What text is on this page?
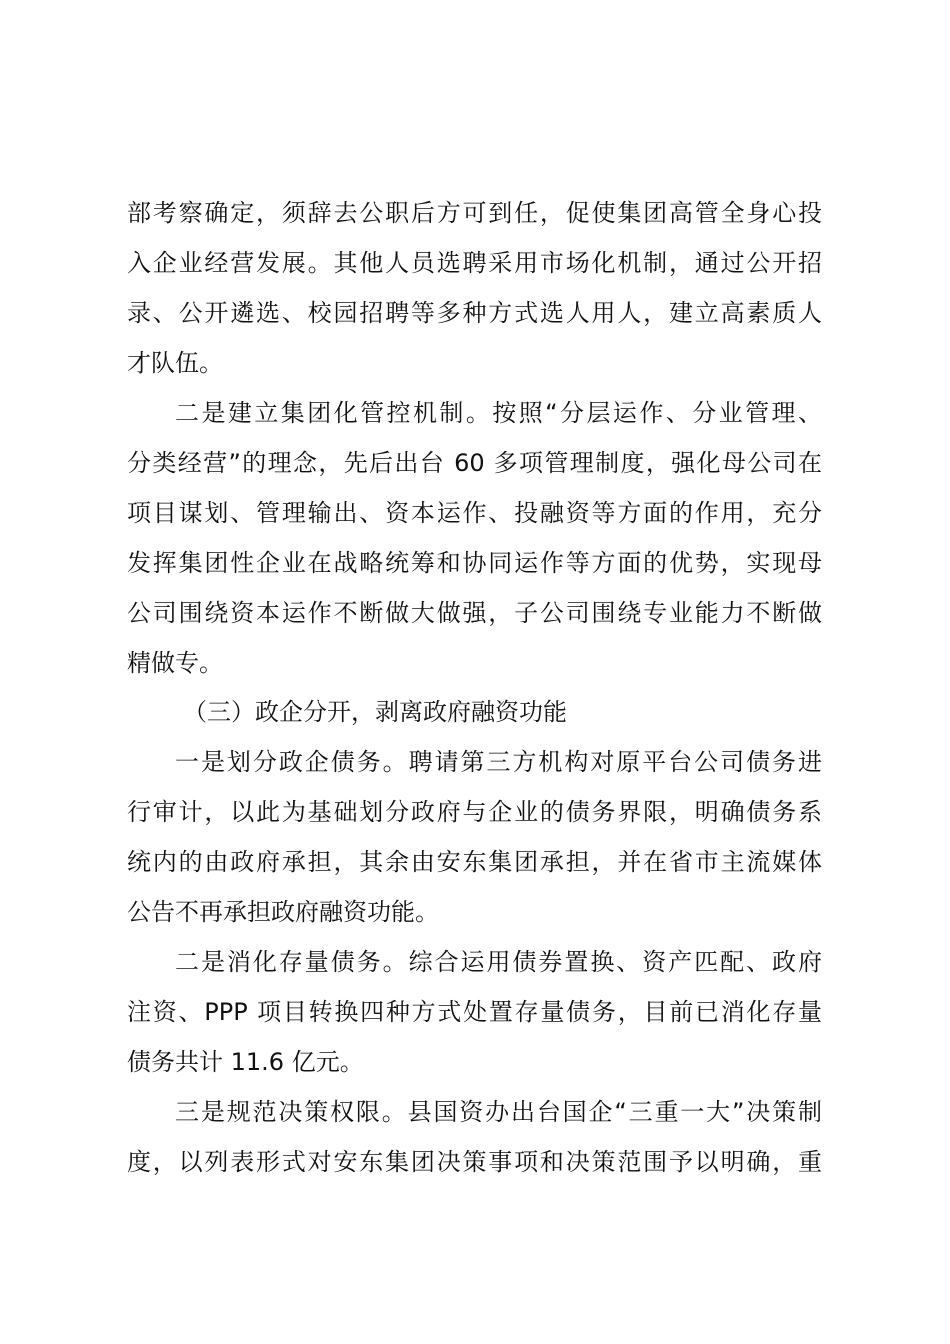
部考察确定，须辞去公职后方可到任，促使集团高管全身心投
入企业经营发展。其他人员选聘采用市场化机制，通过公开招
录、公开遴选、校园招聘等多种方式选人用人，建立高素质人
才队伍。
二是建立集团化管控机制。按照“分层运作、分业管理、
分类经营”的理念，先后出台 60 多项管理制度，强化母公司在
项目谋划、管理输出、资本运作、投融资等方面的作用，充分
发挥集团性企业在战略统筹和协同运作等方面的优势，实现母
公司围绕资本运作不断做大做强，子公司围绕专业能力不断做
精做专。
（三）政企分开，剥离政府融资功能
一是划分政企债务。聘请第三方机构对原平台公司债务进
行审计，以此为基础划分政府与企业的债务界限，明确债务系
统内的由政府承担，其余由安东集团承担，并在省市主流媒体
公告不再承担政府融资功能。
二是消化存量债务。综合运用债券置换、资产匹配、政府
注资、PPP 项目转换四种方式处置存量债务，目前已消化存量
债务共计 11.6 亿元。
三是规范决策权限。县国资办出台国企“三重一大”决策制
度，以列表形式对安东集团决策事项和决策范围予以明确，重
